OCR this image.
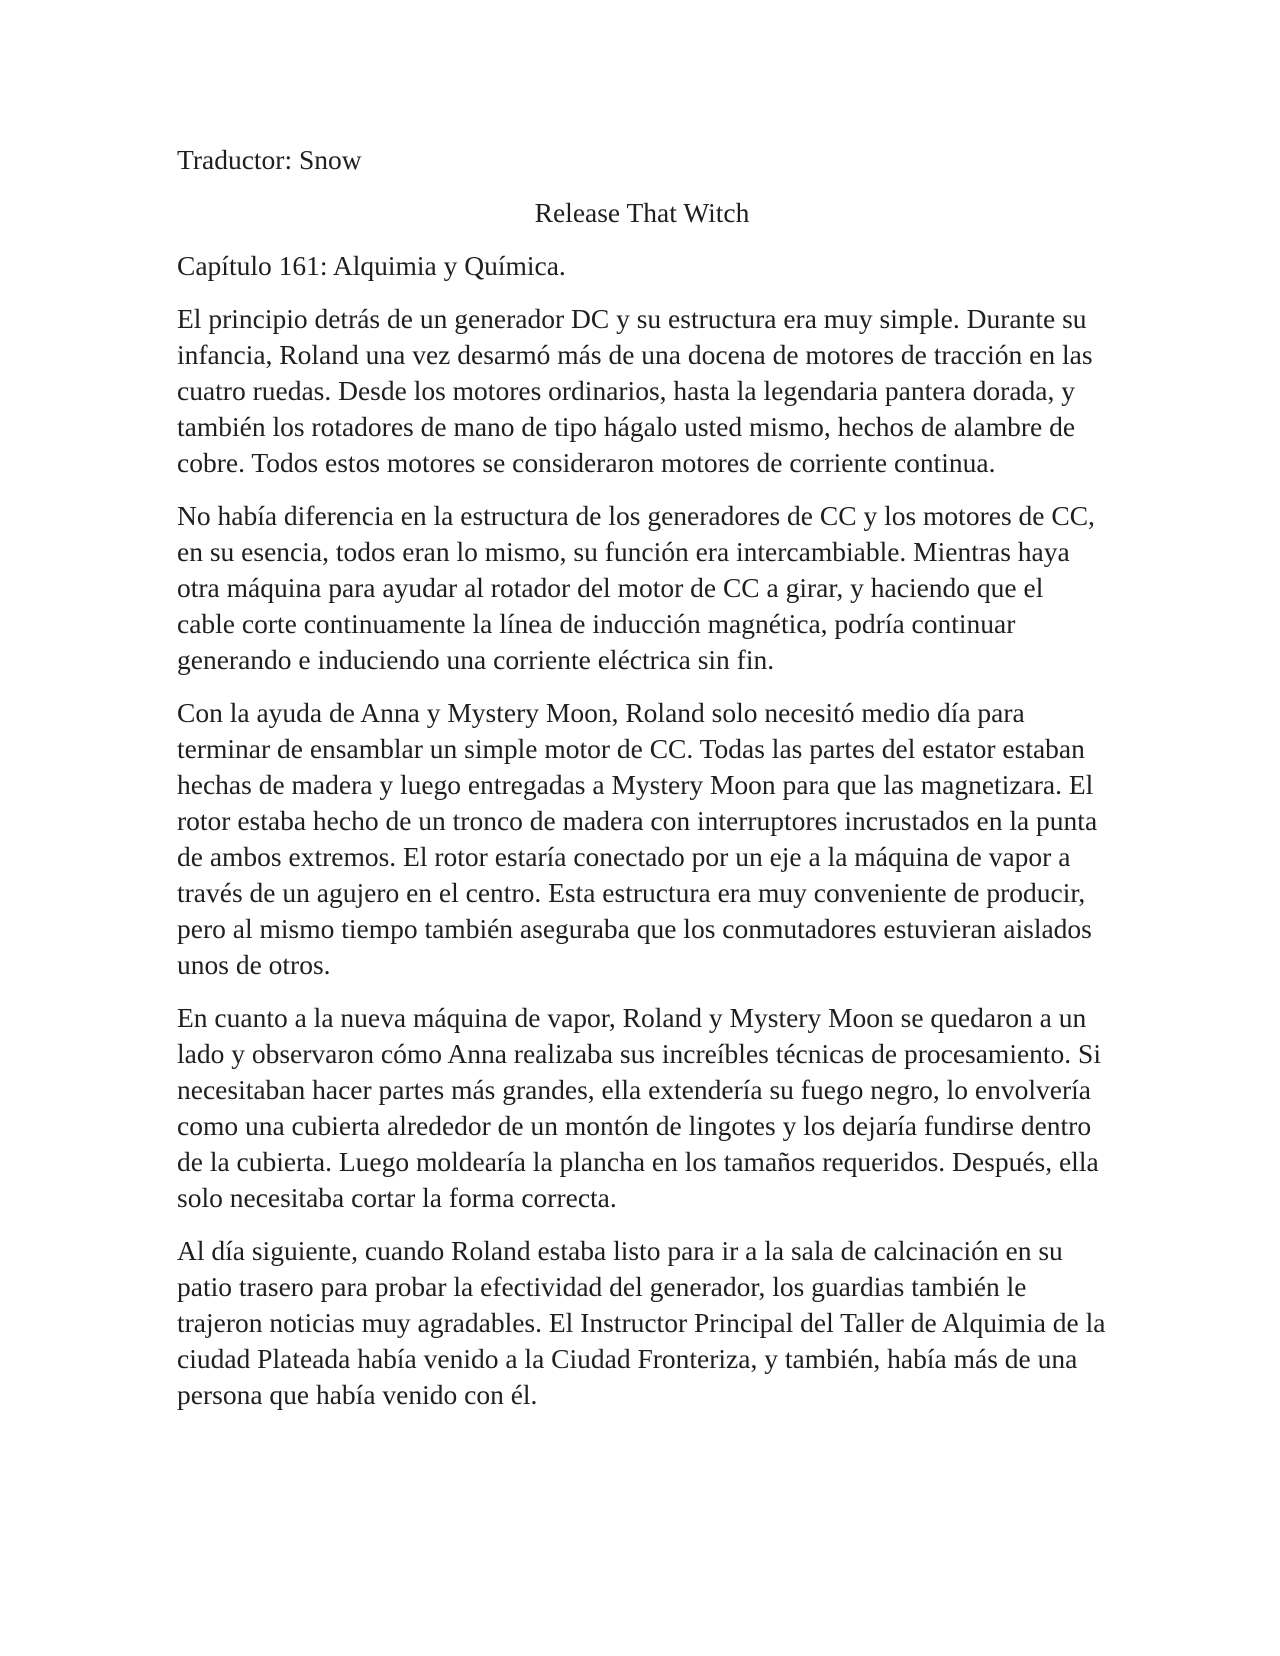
Traductor: Snow
Release That Witch
Capítulo 161: Alquimia y Química.

El principio detrás de un generador DC y su estructura era muy simple. Durante su infancia, Roland una vez desarmó más de una docena de motores de tracción en las cuatro ruedas. Desde los motores ordinarios, hasta la legendaria pantera dorada, y también los rotadores de mano de tipo hágalo usted mismo, hechos de alambre de cobre. Todos estos motores se consideraron motores de corriente continua.

No había diferencia en la estructura de los generadores de CC y los motores de CC, en su esencia, todos eran lo mismo, su función era intercambiable. Mientras haya otra máquina para ayudar al rotador del motor de CC a girar, y haciendo que el cable corte continuamente la línea de inducción magnética, podría continuar generando e induciendo una corriente eléctrica sin fin.

Con la ayuda de Anna y Mystery Moon, Roland solo necesitó medio día para terminar de ensamblar un simple motor de CC. Todas las partes del estator estaban hechas de madera y luego entregadas a Mystery Moon para que las magnetizara. El rotor estaba hecho de un tronco de madera con interruptores incrustados en la punta de ambos extremos. El rotor estaría conectado por un eje a la máquina de vapor a través de un agujero en el centro. Esta estructura era muy conveniente de producir, pero al mismo tiempo también aseguraba que los conmutadores estuvieran aislados unos de otros.

En cuanto a la nueva máquina de vapor, Roland y Mystery Moon se quedaron a un lado y observaron cómo Anna realizaba sus increíbles técnicas de procesamiento. Si necesitaban hacer partes más grandes, ella extendería su fuego negro, lo envolvería como una cubierta alrededor de un montón de lingotes y los dejaría fundirse dentro de la cubierta. Luego moldearía la plancha en los tamaños requeridos. Después, ella solo necesitaba cortar la forma correcta.

Al día siguiente, cuando Roland estaba listo para ir a la sala de calcinación en su patio trasero para probar la efectividad del generador, los guardias también le trajeron noticias muy agradables. El Instructor Principal del Taller de Alquimia de la ciudad Plateada había venido a la Ciudad Fronteriza, y también, había más de una persona que había venido con él.
